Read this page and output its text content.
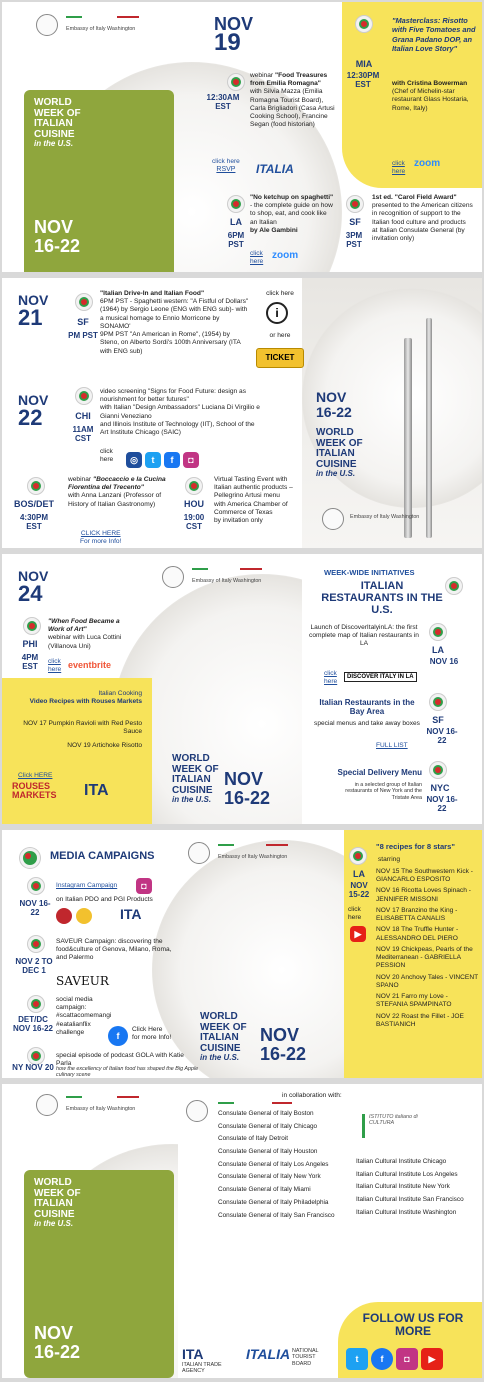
Embassy of Italy Washington
WORLD
WEEK OF
ITALIAN
CUISINE
in the U.S.
NOV
16-22
NOV
19
12:30AM
EST
webinar "Food Treasures from Emilia Romagna"
with Silvia Mazza (Emilia Romagna Tourist Board), Carla Brigliadori (Casa Artusi Cooking School), Francine Segan (food historian)
click here
RSVP	ITALIA
LA
6PM
PST
"No ketchup on spaghetti" - the complete guide on how to shop, eat, and cook like an Italian
by Ale Gambini
click here
zoom
SF
3PM
PST
1st ed. "Carol Field Award"
presented to the American citizens in recognition of support to the Italian food culture and products
at Italian Consulate General (by invitation only)
MIA
12:30PM
EST
"Masterclass: Risotto with Five Tomatoes and Grana Padano DOP, an Italian Love Story"
with Cristina Bowerman
(Chef of Michelin-star restaurant Glass Hostaria, Rome, Italy)
click here
zoom
NOV
21	SF
PM PST
"Italian Drive-In and Italian Food"
6PM PST - Spaghetti western: "A Fistful of Dollars" (1964) by Sergio Leone (ENG with ENG sub)- with a musical homage to Ennio Morricone by SONAMO'
9PM PST "An American in Rome", (1954) by Steno, on Alberto Sordi's 100th Anniversary (ITA with ENG sub)
click here
i
or here
TICKET
NOV
22	CHI
11AM
CST
video screening "Signs for Food Future: design as nourishment for better futures"
with Italian "Design Ambassadors" Luciana Di Virgilio e Gianni Veneziano
and Illinois Institute of Technology (IIT), School of the Art Institute Chicago (SAIC)
click here	◎ t f ◘
BOS/DET
4:30PM
EST
webinar "Boccaccio e la Cucina Fiorentina del Trecento"
with Anna Lanzani (Professor of History of Italian Gastronomy)
CLICK HERE
For more Info!
HOU
19:00
CST
Virtual Tasting Event with Italian authentic products – Pellegrino Artusi menu
with America Chamber of Commerce of Texas
by invitation only
NOV
16-22
WORLD
WEEK OF
ITALIAN
CUISINE
in the U.S.
Embassy of Italy Washington
Embassy of Italy Washington
NOV
24
PHI
4PM
EST
"When Food Became a Work of Art"
webinar with Luca Cottini (Villanova Uni)
click here eventbrite
Italian Cooking
Video Recipes with Rouses Markets
NOV 17 Pumpkin Ravioli with Red Pesto Sauce
NOV 19 Artichoke Risotto
Click HERE
ROUSES MARKETS	ITA
WORLD
WEEK OF
ITALIAN
CUISINE
in the U.S.
NOV
16-22
WEEK-WIDE INITIATIVES
ITALIAN RESTAURANTS IN THE U.S.
Launch of DiscoverItalyinLA: the first complete map of Italian restaurants in LA
click here
DISCOVER ITALY IN LA
LA
NOV 16
Italian Restaurants in the Bay Area
special menus and take away boxes
FULL LIST
SF
NOV 16-22
Special Delivery Menu
in a selected group of Italian restaurants of New York and the Tristate Area
NYC
NOV 16-22
Embassy of Italy Washington
MEDIA CAMPAIGNS
NOV 16-22
Instagram Campaign	◘
on Italian PDO and PGI Products
ITA
NOV 2 TO DEC 1
SAVEUR Campaign: discovering the food&culture of Genova, Milano, Roma, and Palermo
SAVEUR
DET/DC NOV 16-22
social media campaign: #scattacomemangi #eatalianflix challenge	f
Click Here
for more Info!
NY NOV 20
special episode of podcast GOLA with Katie Parla
how the excellency of Italian food has shaped the Big Apple culinary scene
WORLD
WEEK OF
ITALIAN
CUISINE
in the U.S.
NOV
16-22
LA
NOV 15-22
click here
▶
"8 recipes for 8 stars"
starring
NOV 15 The Southwestern Kick - GIANCARLO ESPOSITO
NOV 16 Ricotta Loves Spinach - JENNIFER MISSONI
NOV 17 Branzino the King - ELISABETTA CANALIS
NOV 18 The Truffle Hunter - ALESSANDRO DEL PIERO
NOV 19 Chickpeas, Pearls of the Mediterranean - GABRIELLA PESSION
NOV 20 Anchovy Tales - VINCENT SPANO
NOV 21 Farro my Love - STEFANIA SPAMPINATO
NOV 22 Roast the Fillet - JOE BASTIANICH
Embassy of Italy Washington
WORLD
WEEK OF
ITALIAN
CUISINE
in the U.S.
NOV
16-22
in collaboration with:
Consulate General of Italy Boston
Consulate General of Italy Chicago
Consulate of Italy Detroit
Consulate General of Italy Houston
Consulate General of Italy Los Angeles
Consulate General of Italy New York
Consulate General of Italy Miami
Consulate General of Italy Philadelphia
Consulate General of Italy San Francisco
ISTITUTO italiano di CULTURA
Italian Cultural Institute Chicago
Italian Cultural Institute Los Angeles
Italian Cultural Institute New York
Italian Cultural Institute San Francisco
Italian Cultural Institute Washington
ITA
ITALIAN TRADE AGENCY
ITALIA NATIONAL TOURIST BOARD
FOLLOW US FOR MORE
t f ◘ ▶
